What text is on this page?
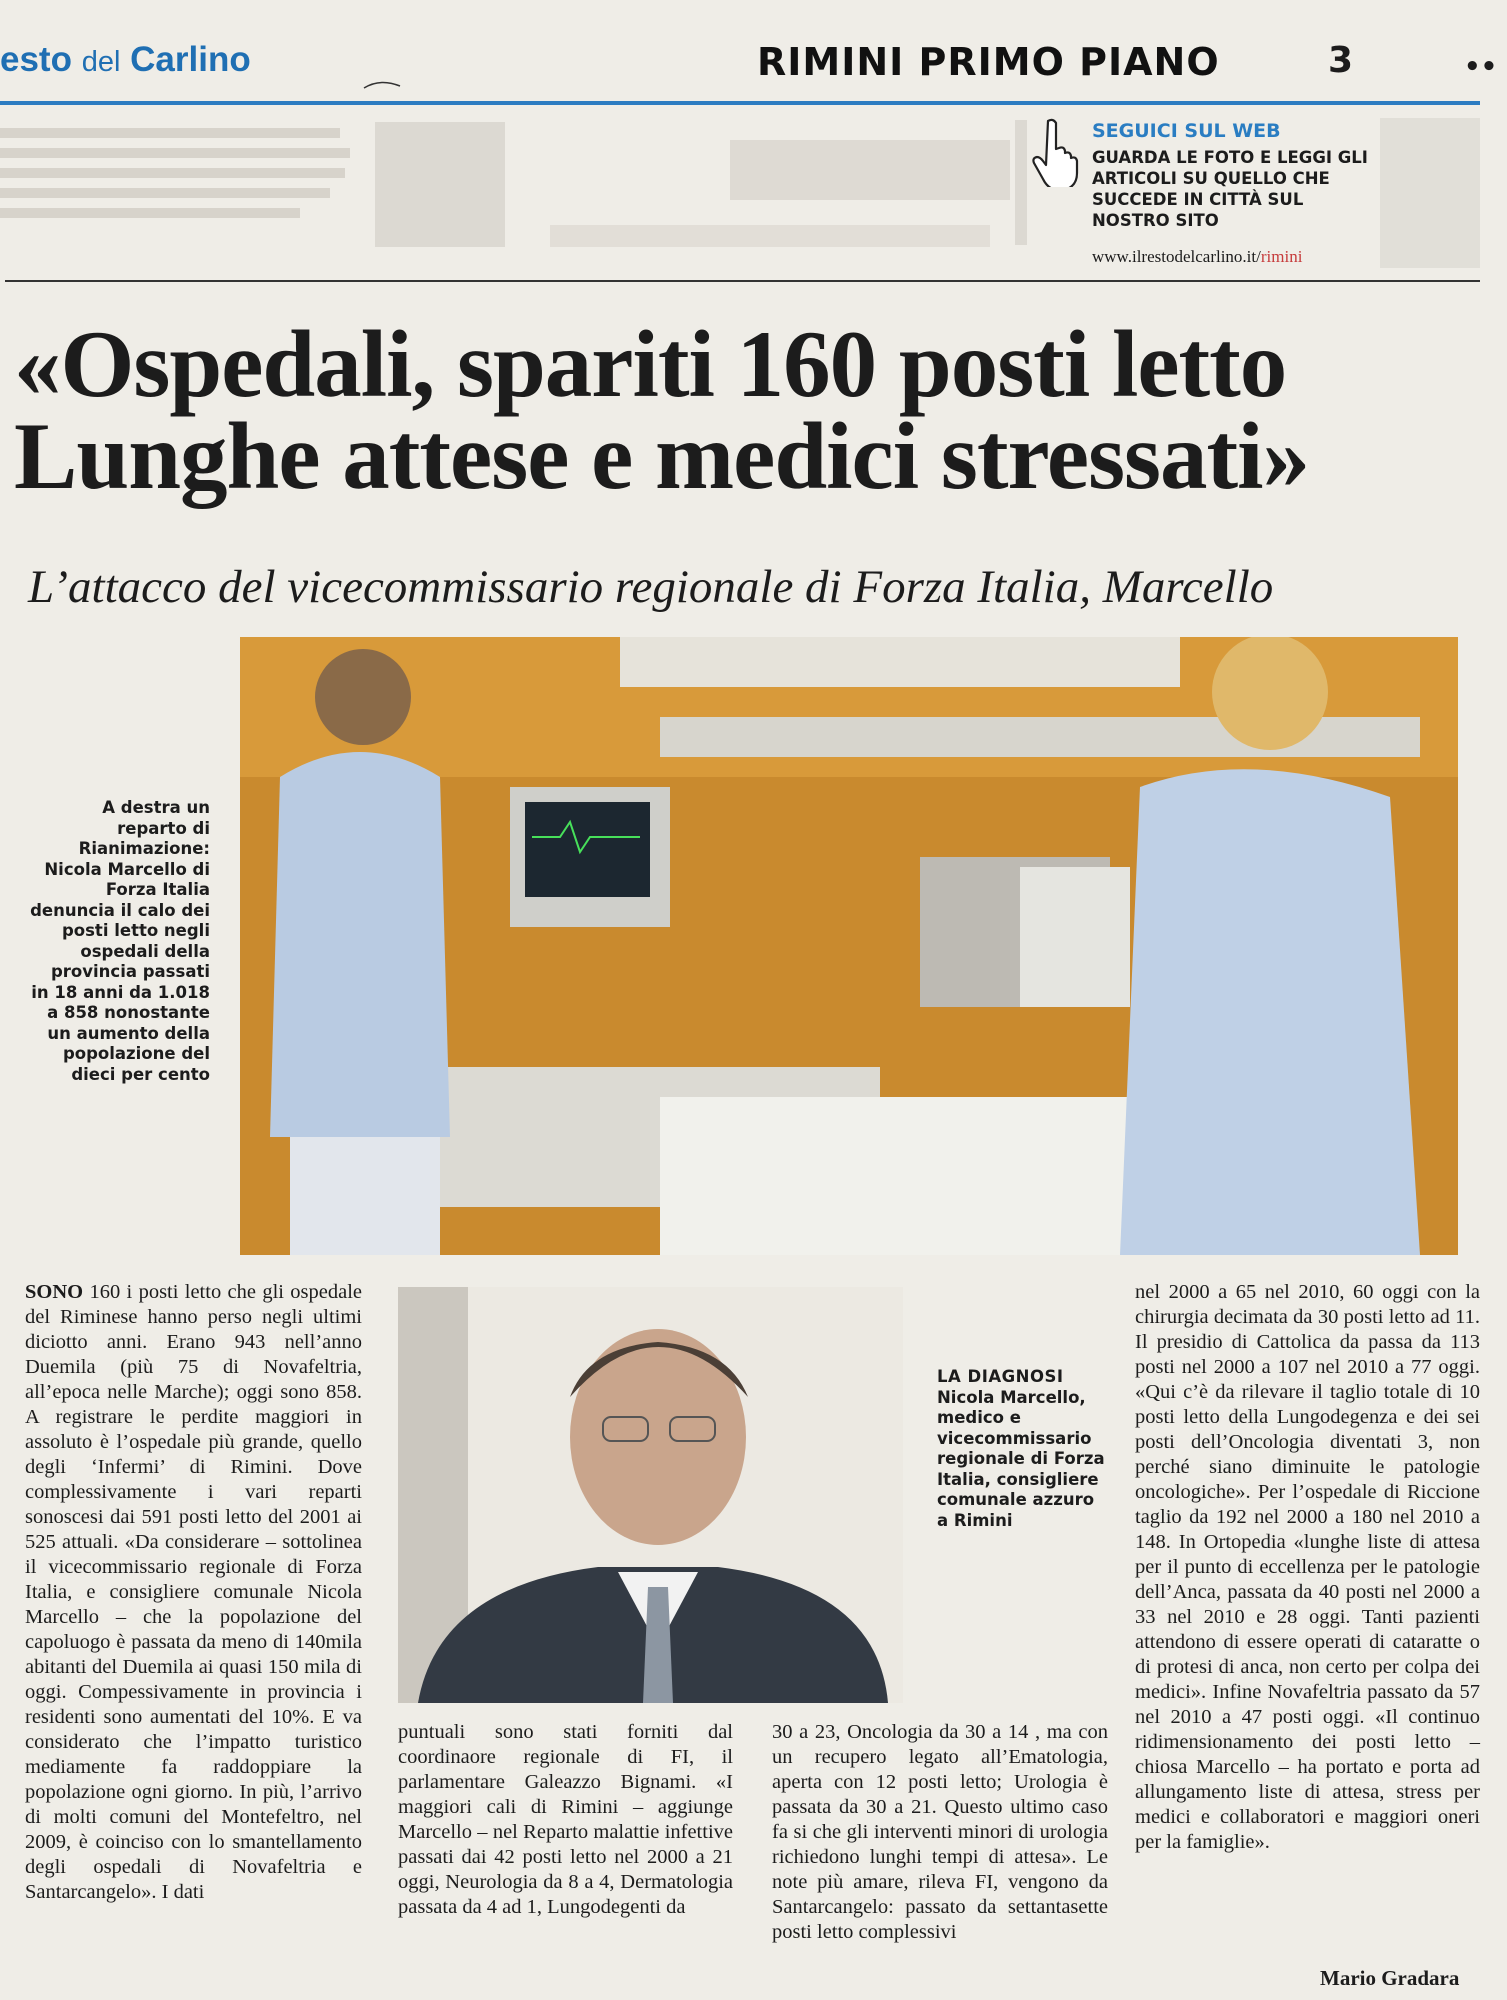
esto del Carlino	RIMINI PRIMO PIANO	3	••
SEGUICI SUL WEB
GUARDA LE FOTO E LEGGI GLI ARTICOLI SU QUELLO CHE SUCCEDE IN CITTÀ SUL NOSTRO SITO
www.ilrestodelcarlino.it/rimini
«Ospedali, spariti 160 posti letto
Lunghe attese e medici stressati»
L’attacco del vicecommissario regionale di Forza Italia, Marcello
A destra un reparto di Rianimazione: Nicola Marcello di Forza Italia denuncia il calo dei posti letto negli ospedali della provincia passati in 18 anni da 1.018 a 858 nonostante un aumento della popolazione del dieci per cento
SONO 160 i posti letto che gli ospedale del Riminese hanno perso negli ultimi diciotto anni. Erano 943 nell’anno Duemila (più 75 di Novafeltria, all’epoca nelle Marche); oggi sono 858. A registrare le perdite maggiori in assoluto è l’ospedale più grande, quello degli ‘Infermi’ di Rimini. Dove complessivamente i vari reparti sonoscesi dai 591 posti letto del 2001 ai 525 attuali. «Da considerare – sottolinea il vicecommissario regionale di Forza Italia, e consigliere comunale Nicola Marcello – che la popolazione del capoluogo è passata da meno di 140mila abitanti del Duemila ai quasi 150 mila di oggi. Compessivamente in provincia i residenti sono aumentati del 10%. E va considerato che l’impatto turistico mediamente fa raddoppiare la popolazione ogni giorno. In più, l’arrivo di molti comuni del Montefeltro, nel 2009, è coinciso con lo smantellamento degli ospedali di Novafeltria e Santarcangelo». I dati
LA DIAGNOSI
Nicola Marcello, medico e vicecommissario regionale di Forza Italia, consigliere comunale azzuro a Rimini
puntuali sono stati forniti dal coordinaore regionale di FI, il parlamentare Galeazzo Bignami. «I maggiori cali di Rimini – aggiunge Marcello – nel Reparto malattie infettive passati dai 42 posti letto nel 2000 a 21 oggi, Neurologia da 8 a 4, Dermatologia passata da 4 ad 1, Lungodegenti da
30 a 23, Oncologia da 30 a 14 , ma con un recupero legato all’Ematologia, aperta con 12 posti letto; Urologia è passata da 30 a 21. Questo ultimo caso fa si che gli interventi minori di urologia richiedono lunghi tempi di attesa». Le note più amare, rileva FI, vengono da Santarcangelo: passato da settantasette posti letto complessivi
nel 2000 a 65 nel 2010, 60 oggi con la chirurgia decimata da 30 posti letto ad 11. Il presidio di Cattolica da passa da 113 posti nel 2000 a 107 nel 2010 a 77 oggi. «Qui c’è da rilevare il taglio totale di 10 posti letto della Lungodegenza e dei sei posti dell’Oncologia diventati 3, non perché siano diminuite le patologie oncologiche». Per l’ospedale di Riccione taglio da 192 nel 2000 a 180 nel 2010 a 148. In Ortopedia «lunghe liste di attesa per il punto di eccellenza per le patologie dell’Anca, passata da 40 posti nel 2000 a 33 nel 2010 e 28 oggi. Tanti pazienti attendono di essere operati di cataratte o di protesi di anca, non certo per colpa dei medici». Infine Novafeltria passato da 57 nel 2010 a 47 posti oggi. «Il continuo ridimensionamento dei posti letto – chiosa Marcello – ha portato e porta ad allungamento liste di attesa, stress per medici e collaboratori e maggiori oneri per la famiglie».
Mario Gradara
